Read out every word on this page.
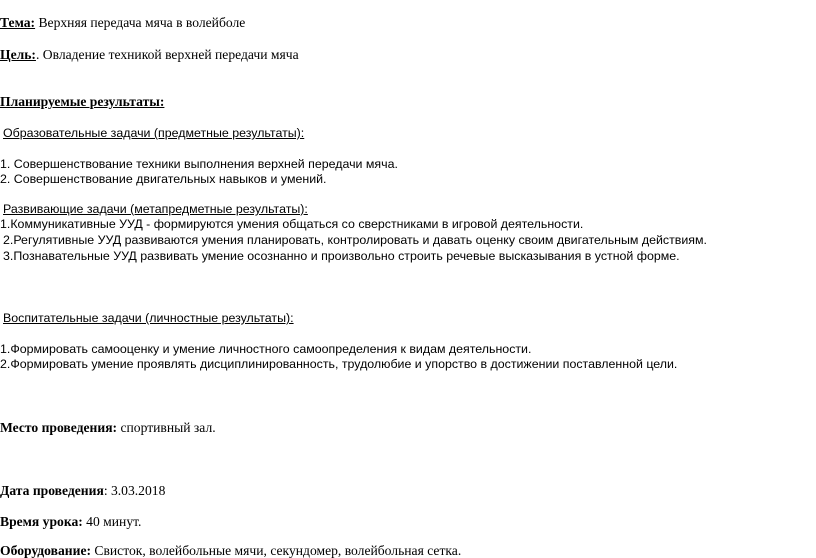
Тема: Верхняя передача мяча в волейболе
Цель:. Овладение техникой верхней передачи мяча
Планируемые результаты:
Образовательные задачи (предметные результаты):
1. Совершенствование техники выполнения верхней передачи мяча.
2. Совершенствование двигательных навыков и умений.
Развивающие задачи (метапредметные результаты):
1.Коммуникативные УУД - формируются умения общаться со сверстниками в игровой деятельности.
2.Регулятивные УУД развиваются умения планировать, контролировать и давать оценку своим двигательным действиям.
3.Познавательные УУД развивать умение осознанно и произвольно строить речевые высказывания в устной форме.
Воспитательные задачи (личностные результаты):
1.Формировать самооценку и умение личностного самоопределения к видам деятельности.
2.Формировать умение проявлять дисциплинированность, трудолюбие и упорство в достижении поставленной цели.
Место проведения: спортивный зал.
Дата проведения: 3.03.2018
Время урока: 40 минут.
Оборудование: Свисток, волейбольные мячи, секундомер, волейбольная сетка.
